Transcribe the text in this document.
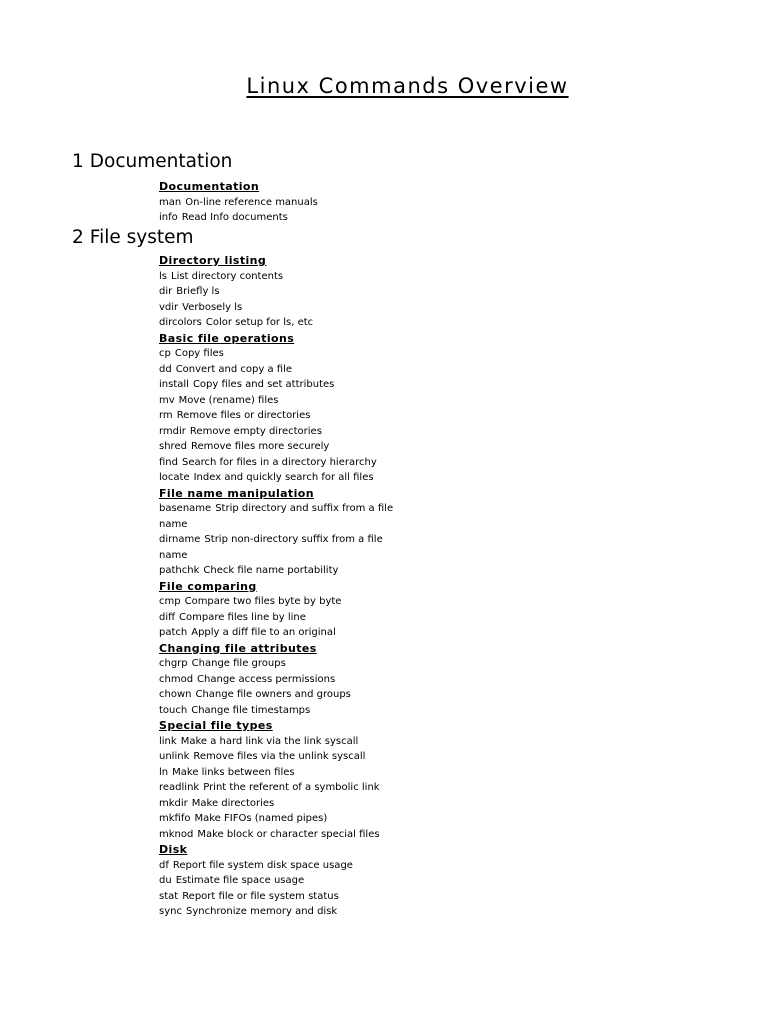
Linux Commands Overview
1 Documentation
Documentation
man On-line reference manuals
info Read Info documents
2 File system
Directory listing
ls List directory contents
dir Briefly ls
vdir Verbosely ls
dircolors Color setup for ls, etc
Basic file operations
cp Copy files
dd Convert and copy a file
install Copy files and set attributes
mv Move (rename) files
rm Remove files or directories
rmdir Remove empty directories
shred Remove files more securely
find Search for files in a directory hierarchy
locate Index and quickly search for all files
File name manipulation
basename Strip directory and suffix from a file name
dirname Strip non-directory suffix from a file name
pathchk Check file name portability
File comparing
cmp Compare two files byte by byte
diff Compare files line by line
patch Apply a diff file to an original
Changing file attributes
chgrp Change file groups
chmod Change access permissions
chown Change file owners and groups
touch Change file timestamps
Special file types
link Make a hard link via the link syscall
unlink Remove files via the unlink syscall
ln Make links between files
readlink Print the referent of a symbolic link
mkdir Make directories
mkfifo Make FIFOs (named pipes)
mknod Make block or character special files
Disk
df Report file system disk space usage
du Estimate file space usage
stat Report file or file system status
sync Synchronize memory and disk
